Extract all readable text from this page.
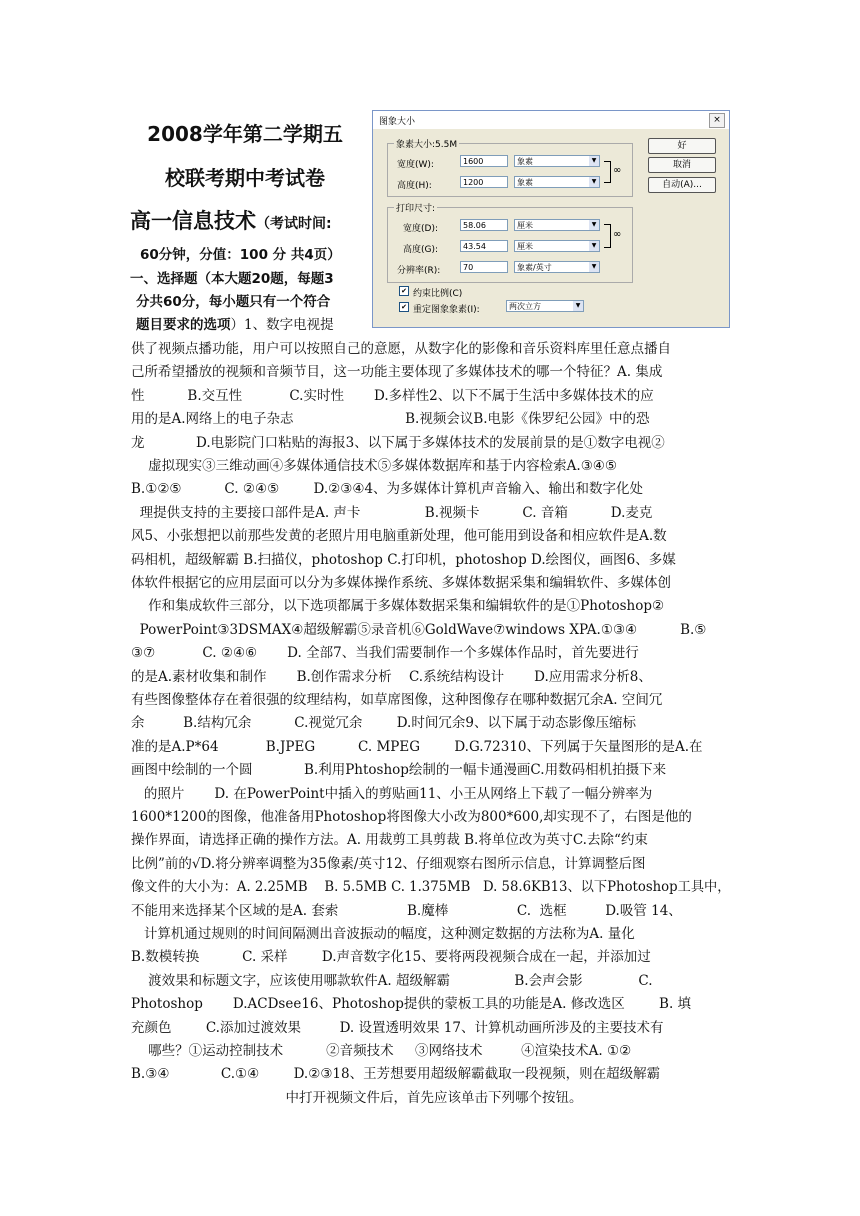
2008学年第二学期五
校联考期中考试卷
高一信息技术（考试时间:
60分钟，分值：100 分 共4页）
一、选择题（本大题20题，每题3
分共60分，每小题只有一个符合
题目要求的选项）1、数字电视提
供了视频点播功能，用户可以按照自己的意愿，从数字化的影像和音乐资料库里任意点播自
己所希望播放的视频和音频节目，这一功能主要体现了多媒体技术的哪一个特征？A. 集成
性          B.交互性           C.实时性       D.多样性2、以下不属于生活中多媒体技术的应
用的是A.网络上的电子杂志                          B.视频会议B.电影《侏罗纪公园》中的恐
龙            D.电影院门口粘贴的海报3、以下属于多媒体技术的发展前景的是①数字电视②
虚拟现实③三维动画④多媒体通信技术⑤多媒体数据库和基于内容检索A.③④⑤
B.①②⑤          C. ②④⑤        D.②③④4、为多媒体计算机声音输入、输出和数字化处
理提供支持的主要接口部件是A. 声卡               B.视频卡          C. 音箱          D.麦克
风5、小张想把以前那些发黄的老照片用电脑重新处理，他可能用到设备和相应软件是A.数
码相机，超级解霸 B.扫描仪，photoshop C.打印机，photoshop D.绘图仪，画图6、多媒
体软件根据它的应用层面可以分为多媒体操作系统、多媒体数据采集和编辑软件、多媒体创
作和集成软件三部分，以下选项都属于多媒体数据采集和编辑软件的是①Photoshop②
PowerPoint③3DSMAX④超级解霸⑤录音机⑥GoldWave⑦windows XPA.①③④          B.⑤
③⑦           C. ②④⑥       D. 全部7、当我们需要制作一个多媒体作品时，首先要进行
的是A.素材收集和制作       B.创作需求分析    C.系统结构设计       D.应用需求分析8、
有些图像整体存在着很强的纹理结构，如草席图像，这种图像存在哪种数据冗余A. 空间冗
余         B.结构冗余          C.视觉冗余        D.时间冗余9、以下属于动态影像压缩标
准的是A.P*64           B.JPEG          C. MPEG        D.G.72310、下列属于矢量图形的是A.在
画图中绘制的一个圆            B.利用Phtoshop绘制的一幅卡通漫画C.用数码相机拍摄下来
的照片       D. 在PowerPoint中插入的剪贴画11、小王从网络上下载了一幅分辨率为
1600*1200的图像，他准备用Photoshop将图像大小改为800*600,却实现不了，右图是他的
操作界面，请选择正确的操作方法。A. 用裁剪工具剪裁 B.将单位改为英寸C.去除“约束
比例”前的√D.将分辨率调整为35像素/英寸12、仔细观察右图所示信息，计算调整后图
像文件的大小为：A. 2.25MB    B. 5.5MB C. 1.375MB   D. 58.6KB13、以下Photoshop工具中，
不能用来选择某个区域的是A. 套索                B.魔棒                C.  选框         D.吸管 14、
计算机通过规则的时间间隔测出音波振动的幅度，这种测定数据的方法称为A. 量化
B.数模转换          C. 采样        D.声音数字化15、要将两段视频合成在一起，并添加过
渡效果和标题文字，应该使用哪款软件A. 超级解霸               B.会声会影             C.
Photoshop       D.ACDsee16、Photoshop提供的蒙板工具的功能是A. 修改选区        B. 填
充颜色        C.添加过渡效果         D. 设置透明效果 17、计算机动画所涉及的主要技术有
哪些？①运动控制技术          ②音频技术     ③网络技术         ④渲染技术A. ①②
B.③④            C.①④        D.②③18、王芳想要用超级解霸截取一段视频，则在超级解霸
中打开视频文件后，首先应该单击下列哪个按钮。
图象大小	×
象素大小:5.5M
宽度(W):	1600	象素	▼
高度(H):	1200	象素	▼
∞
打印尺寸:
宽度(D):	58.06	厘米	▼
高度(G):	43.54	厘米	▼
∞
分辨率(R):	70	象素/英寸	▼
✔ 约束比例(C)
✔ 重定图象象素(I):	两次立方	▼
好
取消
自动(A)...
